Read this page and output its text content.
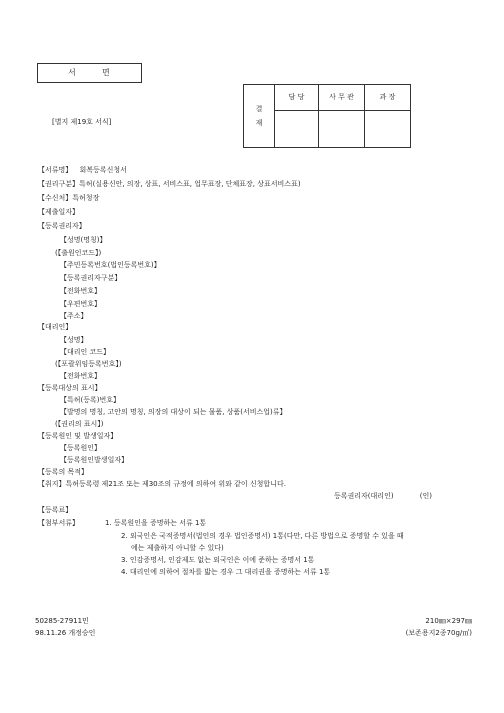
서	면
[별지 제19호 서식]
결
재	담 당	사 무 관	과 장

【서류명】 회복등록신청서
【권리구분】특허(실용신안, 의장, 상표, 서비스표, 업무표장, 단체표장, 상표서비스표)
【수신처】특허청장
【제출일자】
【등록권리자】
【성명(명칭)】
(【출원인코드】)
【주민등록번호(법인등록번호)】
【등록권리자구분】
【전화번호】
【우편번호】
【주소】
【대리인】
【성명】
【대리인 코드】
(【포괄위임등록번호】)
【전화번호】
【등록대상의 표시】
【특허(등록)번호】
【발명의 명칭, 고안의 명칭, 의장의 대상이 되는 물품, 상품(서비스업)류】
(【권리의 표시】)
【등록원인 및 발생일자】
【등록원인】
【등록원인발생일자】
【등록의 목적】
【취지】특허등록령 제21조 또는 제30조의 규정에 의하여 위와 같이 신청합니다.
등록권리자(대리인)	(인)
【등록료】
【첨부서류】	1. 등록원인을 증명하는 서류 1통
2. 외국인은 국적증명서(법인의 경우 법인증명서) 1통(다만, 다른 방법으로 증명할 수 있을 때
에는 제출하지 아니할 수 있다)
3. 인감증명서, 인감제도 없는 외국인은 이에 준하는 증명서 1통
4. 대리인에 의하여 절차를 밟는 경우 그 대리권을 증명하는 서류 1통
50285-27911민
98.11.26 개정승인
210㎜×297㎜
(보존용지2종70g/㎡)
